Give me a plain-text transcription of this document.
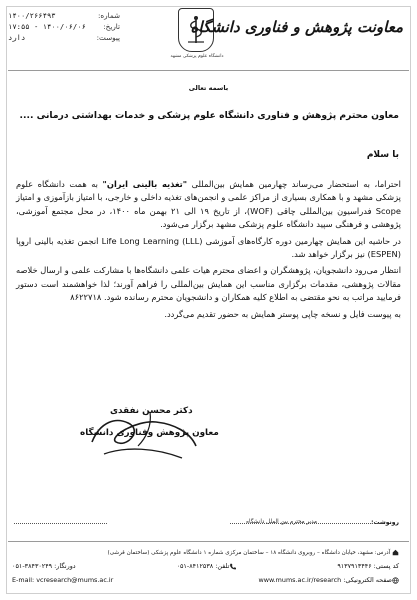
شماره:
۱۴۰۰/۲۶۶۴۹۳
تاریخ:
۱۴۰۰/۰۶/۰۶ - ۱۷:۵۵
پیوست:
دارد
دانشگاه علوم پزشکی مشهد
معاونت پژوهش و فناوری دانشگاه
باسمه تعالی
معاون محترم پژوهش و فناوری دانشگاه علوم پزشکی و خدمات بهداشتی درمانی ....
با سلام

احتراما، به استحضار می‌رساند چهارمین همایش بین‌المللی "تغذیه بالینی ایران" به همت دانشگاه علوم پزشکی مشهد و با همکاری بسیاری از مراکز علمی و انجمن‌های تغذیه داخلی و خارجی، با امتیاز بازآموزی و امتیاز Scope فدراسیون بین‌المللی چاقی (WOF)، از تاریخ ۱۹ الی ۲۱ بهمن ماه ۱۴۰۰، در محل مجتمع آموزشی، پژوهشی و فرهنگی سپید دانشگاه علوم پزشکی مشهد برگزار می‌شود.

در حاشیه این همایش چهارمین دوره کارگاه‌های آموزشی Life Long Learning (LLL) انجمن تغذیه بالینی اروپا (ESPEN) نیز برگزار خواهد شد.

انتظار می‌رود دانشجویان، پژوهشگران و اعضای محترم هیات علمی دانشگاه‌ها با مشارکت علمی و ارسال خلاصه مقالات پژوهشی، مقدمات برگزاری مناسب این همایش بین‌المللی را فراهم آورند؛ لذا خواهشمند است دستور فرمایید مراتب به نحو مقتضی به اطلاع کلیه همکاران و دانشجویان محترم رسانده شود. ۸۶۲۲۷۱۸

به پیوست فایل و نسخه چاپی پوستر همایش به حضور تقدیم می‌گردد.

دکتر محسن نفقدی
معاون پژوهش وفناوری دانشگاه
رونوشت:
مدیر محترم بین الملل دانشگاه
آدرس: مشهد، خیابان دانشگاه – روبروی دانشگاه ۱۸ – ساختمان مرکزی شماره ۱ دانشگاه علوم پزشکی (ساختمان قرشی)
کد پستی: ۹۱۳۷۹۱۳۴۴۶
تلفن: ۸۴۱۲۵۳۸-۰۵۱
دورنگار: ۳۸۴۳۰۲۴۹-۰۵۱
صفحه الکترونیکی: www.mums.ac.ir/research
E-mail: vcresearch@mums.ac.ir
